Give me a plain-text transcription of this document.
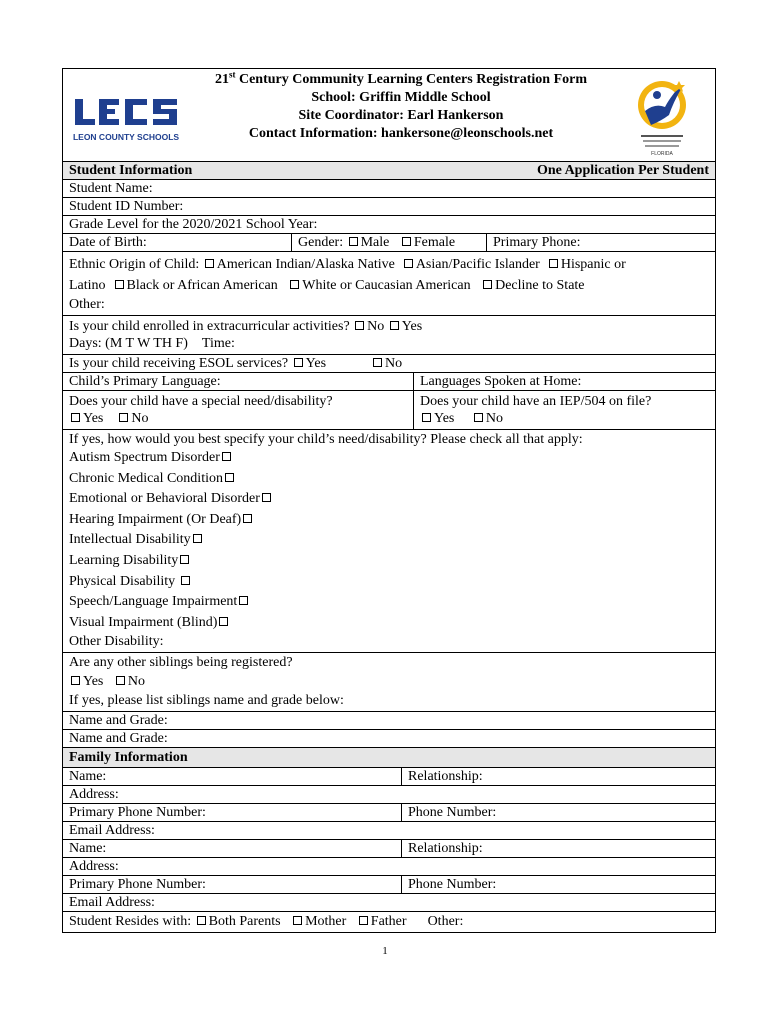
LEON COUNTY SCHOOLS
21st Century Community Learning Centers Registration Form
School: Griffin Middle School
Site Coordinator: Earl Hankerson
Contact Information: hankersone@leonschools.net
FLORIDA
Student Information	One Application Per Student
Student Name:
Student ID Number:
Grade Level for the 2020/2021 School Year:
Date of Birth:	Gender: Male Female	Primary Phone:
Ethnic Origin of Child: American Indian/Alaska Native Asian/Pacific Islander Hispanic or
Latino Black or African American White or Caucasian American Decline to State
Other:
Is your child enrolled in extracurricular activities? No Yes
Days: (M T W TH F) Time:
Is your child receiving ESOL services? Yes	No
Child’s Primary Language:	Languages Spoken at Home:
Does your child have a special need/disability?
Yes No
Does your child have an IEP/504 on file?
Yes No
If yes, how would you best specify your child’s need/disability? Please check all that apply:
Autism Spectrum Disorder
Chronic Medical Condition
Emotional or Behavioral Disorder
Hearing Impairment (Or Deaf)
Intellectual Disability
Learning Disability
Physical Disability
Speech/Language Impairment
Visual Impairment (Blind)
Other Disability:
Are any other siblings being registered?
Yes No
If yes, please list siblings name and grade below:
Name and Grade:
Name and Grade:
Family Information
Name:	Relationship:
Address:
Primary Phone Number:	Phone Number:
Email Address:
Name:	Relationship:
Address:
Primary Phone Number:	Phone Number:
Email Address:
Student Resides with: Both Parents Mother Father Other:
1
